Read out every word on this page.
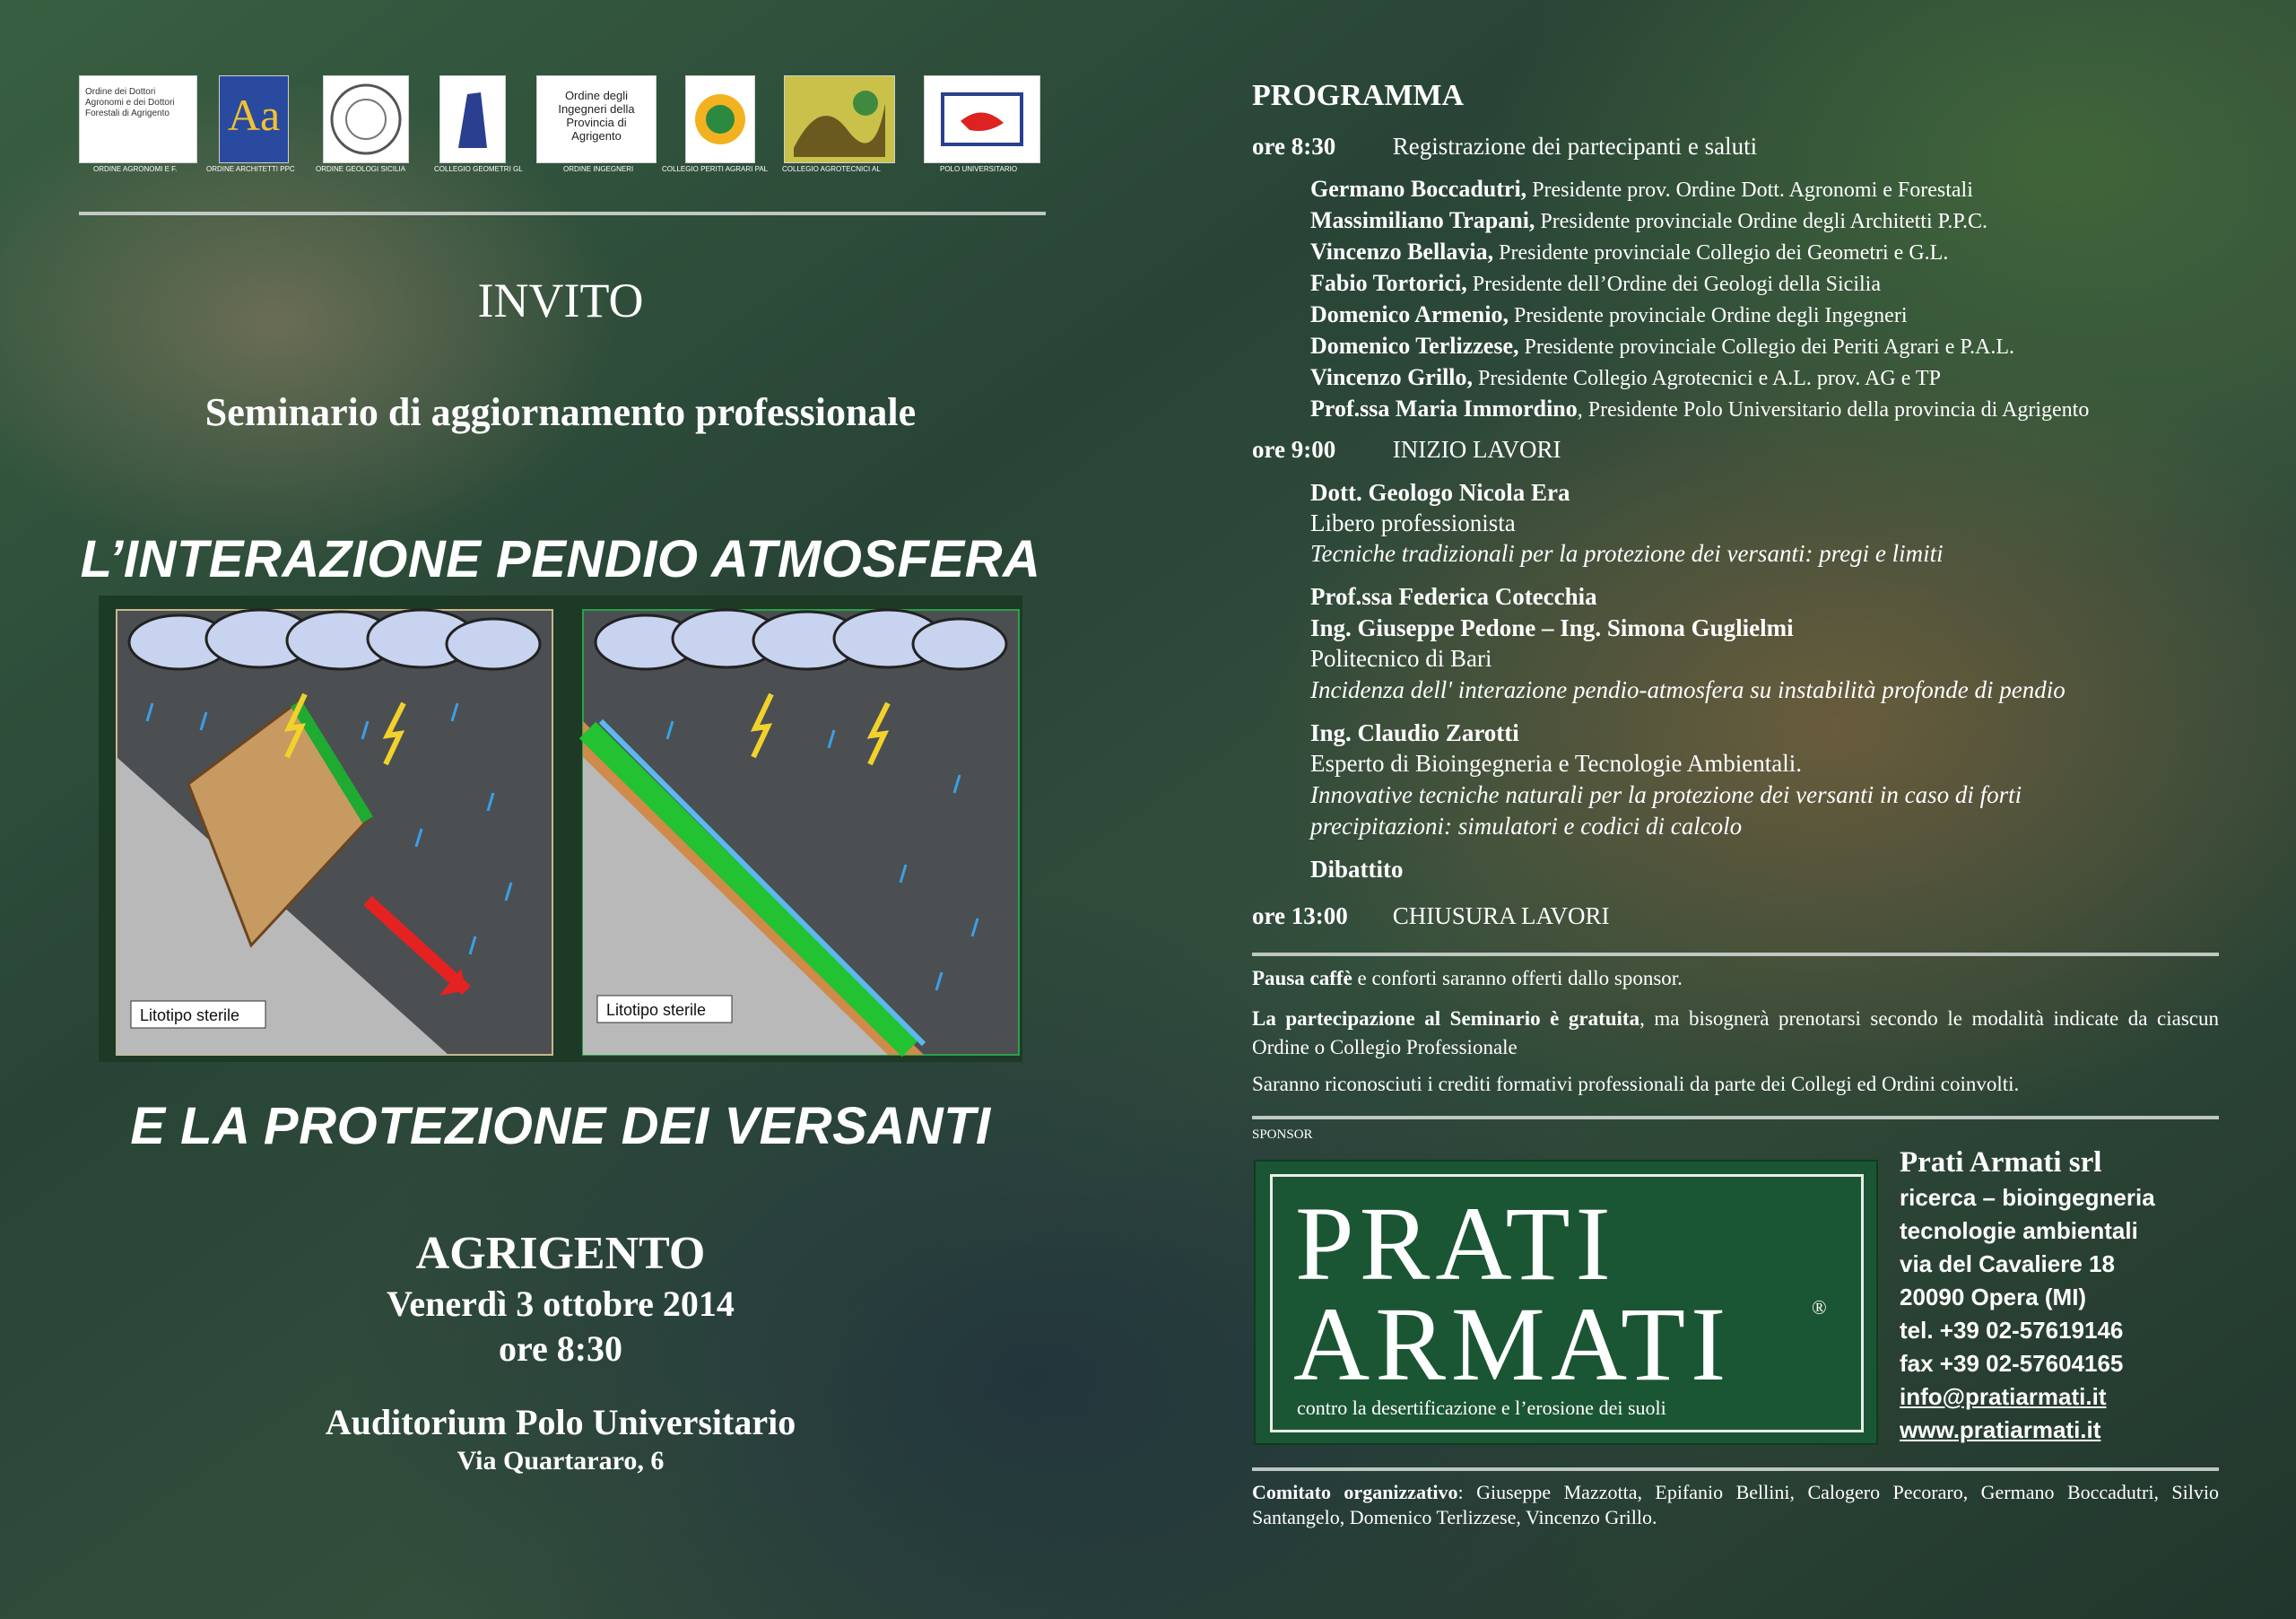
Ordine dei Dottori Agronomi e dei Dottori Forestali di Agrigento	Aa	Ordine degli Ingegneri della Provincia di Agrigento
ORDINE AGRONOMI E F.	ORDINE ARCHITETTI PPC	ORDINE GEOLOGI SICILIA	COLLEGIO GEOMETRI GL	ORDINE INGEGNERI	COLLEGIO PERITI AGRARI PAL COLLEGIO AGROTECNICI AL	POLO UNIVERSITARIO
INVITO
Seminario di aggiornamento professionale
L’INTERAZIONE PENDIO ATMOSFERA
Litotipo sterile	Litotipo sterile
E LA PROTEZIONE DEI VERSANTI
AGRIGENTO
Venerdì 3 ottobre 2014
ore 8:30
Auditorium Polo Universitario
Via Quartararo, 6
PROGRAMMA
ore 8:30 Registrazione dei partecipanti e saluti
Germano Boccadutri, Presidente prov. Ordine Dott. Agronomi e Forestali
Massimiliano Trapani, Presidente provinciale Ordine degli Architetti P.P.C.
Vincenzo Bellavia, Presidente provinciale Collegio dei Geometri e G.L.
Fabio Tortorici, Presidente dell’Ordine dei Geologi della Sicilia
Domenico Armenio, Presidente provinciale Ordine degli Ingegneri
Domenico Terlizzese, Presidente provinciale Collegio dei Periti Agrari e P.A.L.
Vincenzo Grillo, Presidente Collegio Agrotecnici e A.L. prov. AG e TP
Prof.ssa Maria Immordino, Presidente Polo Universitario della provincia di Agrigento
ore 9:00 INIZIO LAVORI
Dott. Geologo Nicola Era
Libero professionista
Tecniche tradizionali per la protezione dei versanti: pregi e limiti
Prof.ssa Federica Cotecchia
Ing. Giuseppe Pedone – Ing. Simona Guglielmi
Politecnico di Bari
Incidenza dell' interazione pendio-atmosfera su instabilità profonde di pendio
Ing. Claudio Zarotti
Esperto di Bioingegneria e Tecnologie Ambientali.
Innovative tecniche naturali per la protezione dei versanti in caso di forti
precipitazioni: simulatori e codici di calcolo
Dibattito
ore 13:00 CHIUSURA LAVORI
Pausa caffè e conforti saranno offerti dallo sponsor.
La partecipazione al Seminario è gratuita, ma bisognerà prenotarsi secondo le modalità indicate da ciascun Ordine o Collegio Professionale
Saranno riconosciuti i crediti formativi professionali da parte dei Collegi ed Ordini coinvolti.
SPONSOR
PRATI
ARMATI	®
contro la desertificazione e l’erosione dei suoli
Prati Armati srl
ricerca – bioingegneria
tecnologie ambientali
via del Cavaliere 18
20090 Opera (MI)
tel. +39 02-57619146
fax +39 02-57604165
info@pratiarmati.it
www.pratiarmati.it
Comitato organizzativo: Giuseppe Mazzotta, Epifanio Bellini, Calogero Pecoraro, Germano Boccadutri, Silvio Santangelo, Domenico Terlizzese, Vincenzo Grillo.
